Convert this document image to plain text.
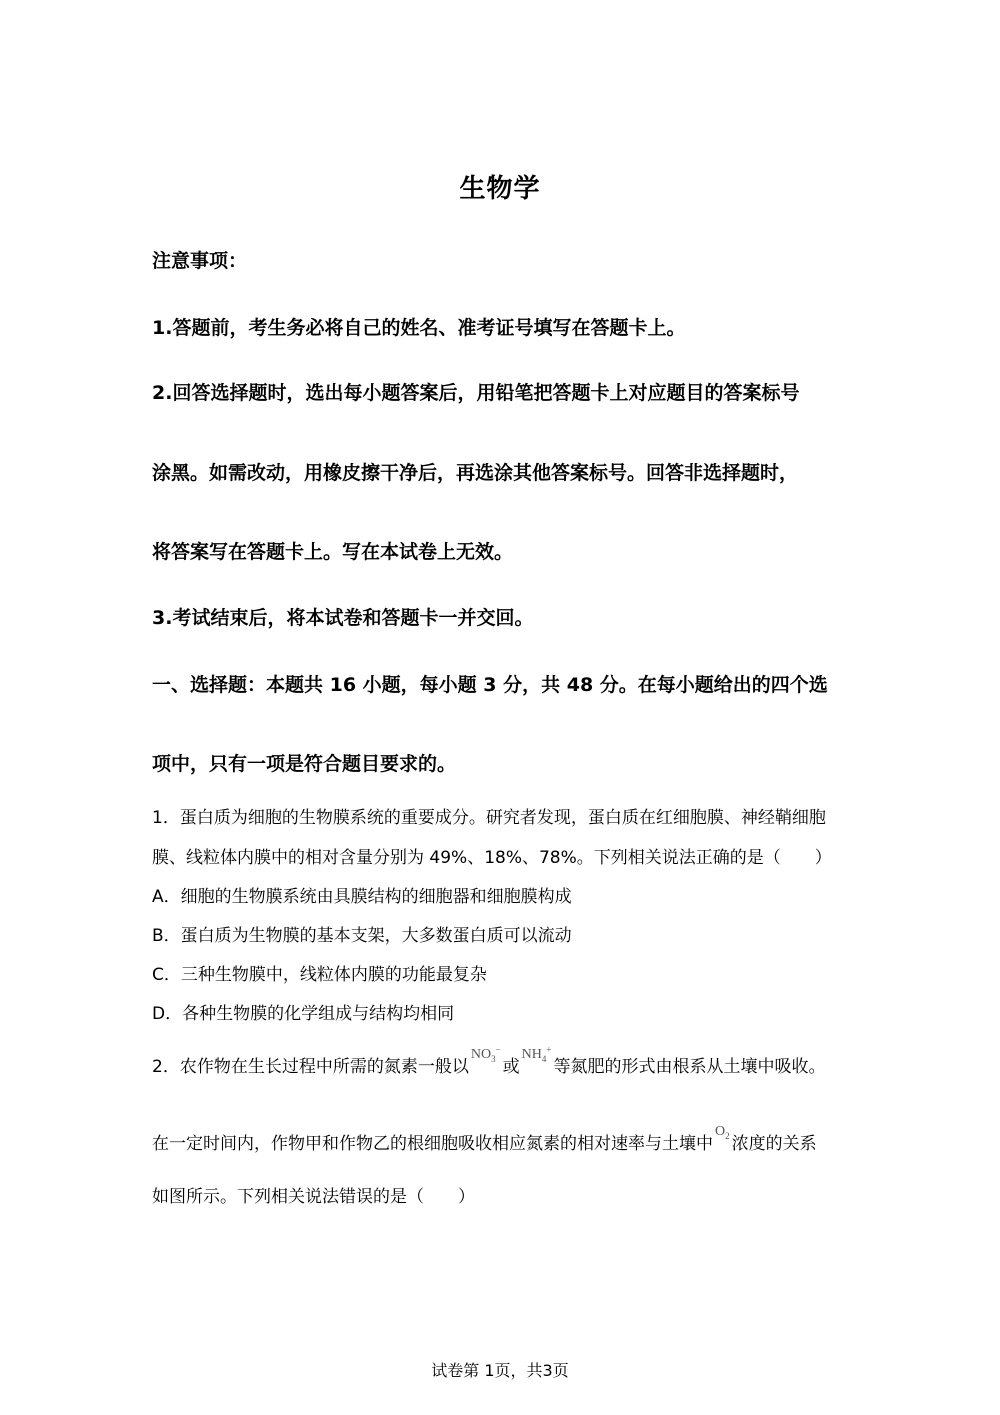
生物学
注意事项：
1.答题前，考生务必将自己的姓名、准考证号填写在答题卡上。
2.回答选择题时，选出每小题答案后，用铅笔把答题卡上对应题目的答案标号
涂黑。如需改动，用橡皮擦干净后，再选涂其他答案标号。回答非选择题时，
将答案写在答题卡上。写在本试卷上无效。
3.考试结束后，将本试卷和答题卡一并交回。
一、选择题：本题共 16 小题，每小题 3 分，共 48 分。在每小题给出的四个选
项中，只有一项是符合题目要求的。
1．蛋白质为细胞的生物膜系统的重要成分。研究者发现，蛋白质在红细胞膜、神经鞘细胞
膜、线粒体内膜中的相对含量分别为 49%、18%、78%。下列相关说法正确的是（　　）
A．细胞的生物膜系统由具膜结构的细胞器和细胞膜构成
B．蛋白质为生物膜的基本支架，大多数蛋白质可以流动
C．三种生物膜中，线粒体内膜的功能最复杂
D．各种生物膜的化学组成与结构均相同
2．农作物在生长过程中所需的氮素一般以$^{NO_3^-}$或$^{NH_4^+}$等氮肥的形式由根系从土壤中吸收。
在一定时间内，作物甲和作物乙的根细胞吸收相应氮素的相对速率与土壤中$^{O_2}$ 浓度的关系
如图所示。下列相关说法错误的是（　　）
试卷第 1页，共3页
